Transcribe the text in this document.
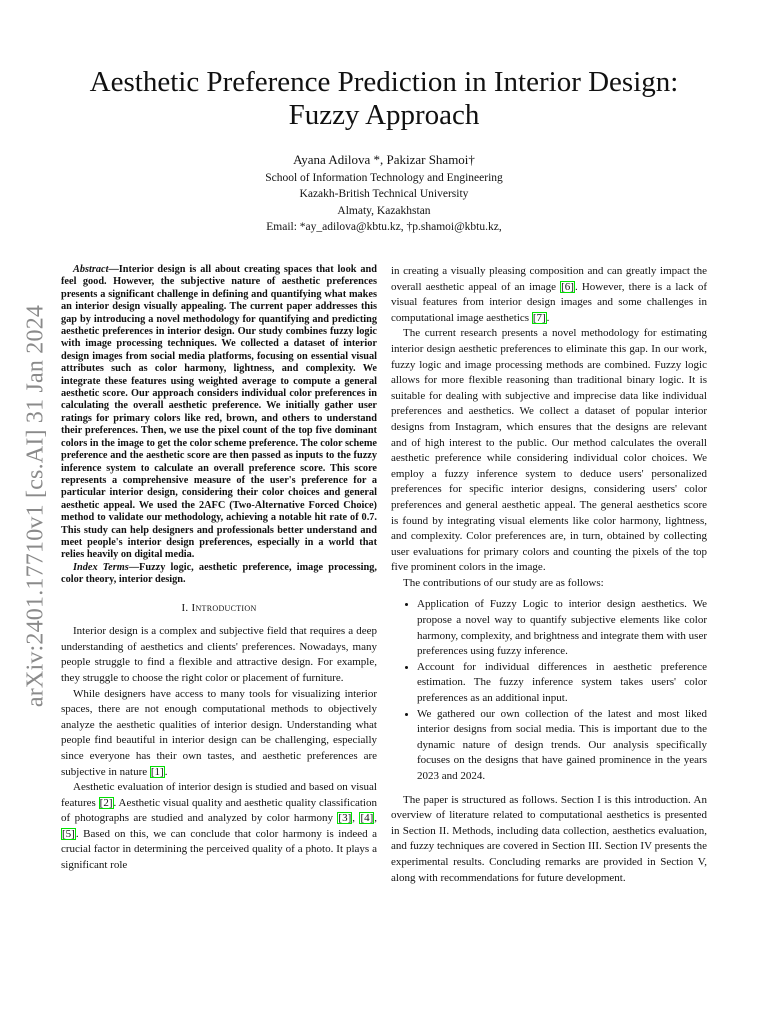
Aesthetic Preference Prediction in Interior Design:
Fuzzy Approach
Ayana Adilova *, Pakizar Shamoi†
School of Information Technology and Engineering
Kazakh-British Technical University
Almaty, Kazakhstan
Email: *ay_adilova@kbtu.kz, †p.shamoi@kbtu.kz,
arXiv:2401.17710v1 [cs.AI] 31 Jan 2024

Abstract—Interior design is all about creating spaces that look and feel good. However, the subjective nature of aesthetic preferences presents a significant challenge in defining and quantifying what makes an interior design visually appealing. The current paper addresses this gap by introducing a novel methodology for quantifying and predicting aesthetic preferences in interior design. Our study combines fuzzy logic with image processing techniques. We collected a dataset of interior design images from social media platforms, focusing on essential visual attributes such as color harmony, lightness, and complexity. We integrate these features using weighted average to compute a general aesthetic score. Our approach considers individual color preferences in calculating the overall aesthetic preference. We initially gather user ratings for primary colors like red, brown, and others to understand their preferences. Then, we use the pixel count of the top five dominant colors in the image to get the color scheme preference. The color scheme preference and the aesthetic score are then passed as inputs to the fuzzy inference system to calculate an overall preference score. This score represents a comprehensive measure of the user's preference for a particular interior design, considering their color choices and general aesthetic appeal. We used the 2AFC (Two-Alternative Forced Choice) method to validate our methodology, achieving a notable hit rate of 0.7. This study can help designers and professionals better understand and meet people's interior design preferences, especially in a world that relies heavily on digital media.

Index Terms—Fuzzy logic, aesthetic preference, image processing, color theory, interior design.

I. Introduction

Interior design is a complex and subjective field that requires a deep understanding of aesthetics and clients' preferences. Nowadays, many people struggle to find a flexible and attractive design. For example, they struggle to choose the right color or placement of furniture.

While designers have access to many tools for visualizing interior spaces, there are not enough computational methods to objectively analyze the aesthetic qualities of interior design. Understanding what people find beautiful in interior design can be challenging, especially since everyone has their own tastes, and aesthetic preferences are subjective in nature [1].

Aesthetic evaluation of interior design is studied and based on visual features [2]. Aesthetic visual quality and aesthetic quality classification of photographs are studied and analyzed by color harmony [3], [4], [5]. Based on this, we can conclude that color harmony is indeed a crucial factor in determining the perceived quality of a photo. It plays a significant role

in creating a visually pleasing composition and can greatly impact the overall aesthetic appeal of an image [6]. However, there is a lack of visual features from interior design images and some challenges in computational image aesthetics [7].

The current research presents a novel methodology for estimating interior design aesthetic preferences to eliminate this gap. In our work, fuzzy logic and image processing methods are combined. Fuzzy logic allows for more flexible reasoning than traditional binary logic. It is suitable for dealing with subjective and imprecise data like individual preferences and aesthetics. We collect a dataset of popular interior designs from Instagram, which ensures that the designs are relevant and of high interest to the public. Our method calculates the overall aesthetic preference while considering individual color choices. We employ a fuzzy inference system to deduce users' personalized preferences for specific interior designs, considering users' color preferences and general aesthetic appeal. The general aesthetics score is found by integrating visual elements like color harmony, lightness, and complexity. Color preferences are, in turn, obtained by collecting user evaluations for primary colors and counting the pixels of the top five prominent colors in the image.

The contributions of our study are as follows:

• Application of Fuzzy Logic to interior design aesthetics. We propose a novel way to quantify subjective elements like color harmony, complexity, and brightness and integrate them with user preferences using fuzzy inference.
• Account for individual differences in aesthetic preference estimation. The fuzzy inference system takes users' color preferences as an additional input.
• We gathered our own collection of the latest and most liked interior designs from social media. This is important due to the dynamic nature of design trends. Our analysis specifically focuses on the designs that have gained prominence in the years 2023 and 2024.

The paper is structured as follows. Section I is this introduction. An overview of literature related to computational aesthetics is presented in Section II. Methods, including data collection, aesthetics evaluation, and fuzzy techniques are covered in Section III. Section IV presents the experimental results. Concluding remarks are provided in Section V, along with recommendations for future development.
